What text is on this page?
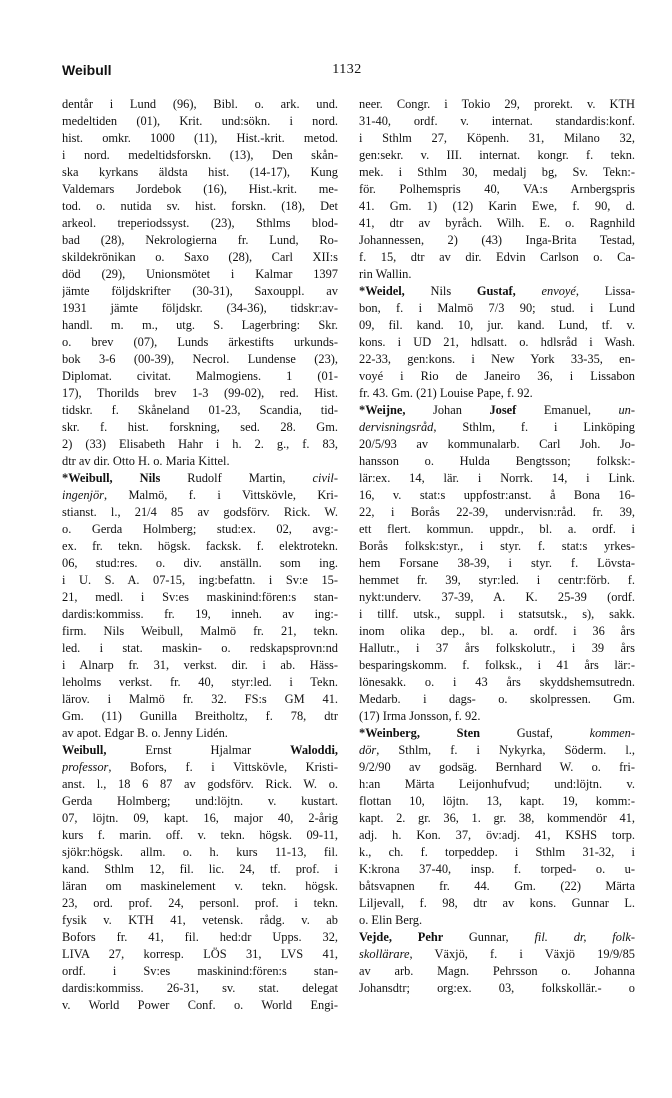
Weibull	1132
dentår i Lund (96), Bibl. o. ark. und.
medeltiden (01), Krit. und:sökn. i nord.
hist. omkr. 1000 (11), Hist.-krit. metod.
i nord. medeltidsforskn. (13), Den skån-
ska kyrkans äldsta hist. (14-17), Kung
Valdemars Jordebok (16), Hist.-krit. me-
tod. o. nutida sv. hist. forskn. (18), Det
arkeol. treperiodssyst. (23), Sthlms blod-
bad (28), Nekrologierna fr. Lund, Ro-
skildekrönikan o. Saxo (28), Carl XII:s
död (29), Unionsmötet i Kalmar 1397
jämte följdskrifter (30-31), Saxouppl. av
1931 jämte följdskr. (34-36), tidskr:av-
handl. m. m., utg. S. Lagerbring: Skr.
o. brev (07), Lunds ärkestifts urkunds-
bok 3-6 (00-39), Necrol. Lundense (23),
Diplomat. civitat. Malmogiens. 1 (01-
17), Thorilds brev 1-3 (99-02), red. Hist.
tidskr. f. Skåneland 01-23, Scandia, tid-
skr. f. hist. forskning, sed. 28. Gm.
2) (33) Elisabeth Hahr i h. 2. g., f. 83,
dtr av dir. Otto H. o. Maria Kittel.
*Weibull, Nils Rudolf Martin, civil-
ingenjör, Malmö, f. i Vittskövle, Kri-
stianst. l., 21/4 85 av godsförv. Rick. W.
o. Gerda Holmberg; stud:ex. 02, avg:-
ex. fr. tekn. högsk. facksk. f. elektrotekn.
06, stud:res. o. div. anställn. som ing.
i U. S. A. 07-15, ing:befattn. i Sv:e 15-
21, medl. i Sv:es maskinind:fören:s stan-
dardis:kommiss. fr. 19, inneh. av ing:-
firm. Nils Weibull, Malmö fr. 21, tekn.
led. i stat. maskin- o. redskapsprovn:nd
i Alnarp fr. 31, verkst. dir. i ab. Häss-
leholms verkst. fr. 40, styr:led. i Tekn.
lärov. i Malmö fr. 32. FS:s GM 41.
Gm. (11) Gunilla Breitholtz, f. 78, dtr
av apot. Edgar B. o. Jenny Lidén.
Weibull, Ernst Hjalmar Waloddi,
professor, Bofors, f. i Vittskövle, Kristi-
anst. l., 18 6 87 av godsförv. Rick. W. o.
Gerda Holmberg; und:löjtn. v. kustart.
07, löjtn. 09, kapt. 16, major 40, 2-årig
kurs f. marin. off. v. tekn. högsk. 09-11,
sjökr:högsk. allm. o. h. kurs 11-13, fil.
kand. Sthlm 12, fil. lic. 24, tf. prof. i
läran om maskinelement v. tekn. högsk.
23, ord. prof. 24, personl. prof. i tekn.
fysik v. KTH 41, vetensk. rådg. v. ab
Bofors fr. 41, fil. hed:dr Upps. 32,
LIVA 27, korresp. LÖS 31, LVS 41,
ordf. i Sv:es maskinind:fören:s stan-
dardis:kommiss. 26-31, sv. stat. delegat
v. World Power Conf. o. World Engi-
neer. Congr. i Tokio 29, prorekt. v. KTH
31-40, ordf. v. internat. standardis:konf.
i Sthlm 27, Köpenh. 31, Milano 32,
gen:sekr. v. III. internat. kongr. f. tekn.
mek. i Sthlm 30, medalj bg, Sv. Tekn:-
för. Polhemspris 40, VA:s Arnbergspris
41. Gm. 1) (12) Karin Ewe, f. 90, d.
41, dtr av byråch. Wilh. E. o. Ragnhild
Johannessen, 2) (43) Inga-Brita Testad,
f. 15, dtr av dir. Edvin Carlson o. Ca-
rin Wallin.
*Weidel, Nils Gustaf, envoyé, Lissa-
bon, f. i Malmö 7/3 90; stud. i Lund
09, fil. kand. 10, jur. kand. Lund, tf. v.
kons. i UD 21, hdlsatt. o. hdlsråd i Wash.
22-33, gen:kons. i New York 33-35, en-
voyé i Rio de Janeiro 36, i Lissabon
fr. 43. Gm. (21) Louise Pape, f. 92.
*Weijne, Johan Josef Emanuel, un-
dervisningsråd, Sthlm, f. i Linköping
20/5/93 av kommunalarb. Carl Joh. Jo-
hansson o. Hulda Bengtsson; folksk:-
lär:ex. 14, lär. i Norrk. 14, i Link.
16, v. stat:s uppfostr:anst. å Bona 16-
22, i Borås 22-39, undervisn:råd. fr. 39,
ett flert. kommun. uppdr., bl. a. ordf. i
Borås folksk:styr., i styr. f. stat:s yrkes-
hem Forsane 38-39, i styr. f. Lövsta-
hemmet fr. 39, styr:led. i centr:förb. f.
nykt:underv. 37-39, A. K. 25-39 (ordf.
i tillf. utsk., suppl. i statsutsk., s), sakk.
inom olika dep., bl. a. ordf. i 36 års
Hallutr., i 37 års folkskolutr., i 39 års
besparingskomm. f. folksk., i 41 års lär:-
lönesakk. o. i 43 års skyddshemsutredn.
Medarb. i dags- o. skolpressen. Gm.
(17) Irma Jonsson, f. 92.
*Weinberg, Sten Gustaf, kommen-
dör, Sthlm, f. i Nykyrka, Söderm. l.,
9/2/90 av godsäg. Bernhard W. o. fri-
h:an Märta Leijonhufvud; und:löjtn. v.
flottan 10, löjtn. 13, kapt. 19, komm:-
kapt. 2. gr. 36, 1. gr. 38, kommendör 41,
adj. h. Kon. 37, öv:adj. 41, KSHS torp.
k., ch. f. torpeddep. i Sthlm 31-32, i
K:krona 37-40, insp. f. torped- o. u-
båtsvapnen fr. 44. Gm. (22) Märta
Liljevall, f. 98, dtr av kons. Gunnar L.
o. Elin Berg.
Vejde, Pehr Gunnar, fil. dr, folk-
skollärare, Växjö, f. i Växjö 19/9/85
av arb. Magn. Pehrsson o. Johanna
Johansdtr; org:ex. 03, folkskollär.- o
